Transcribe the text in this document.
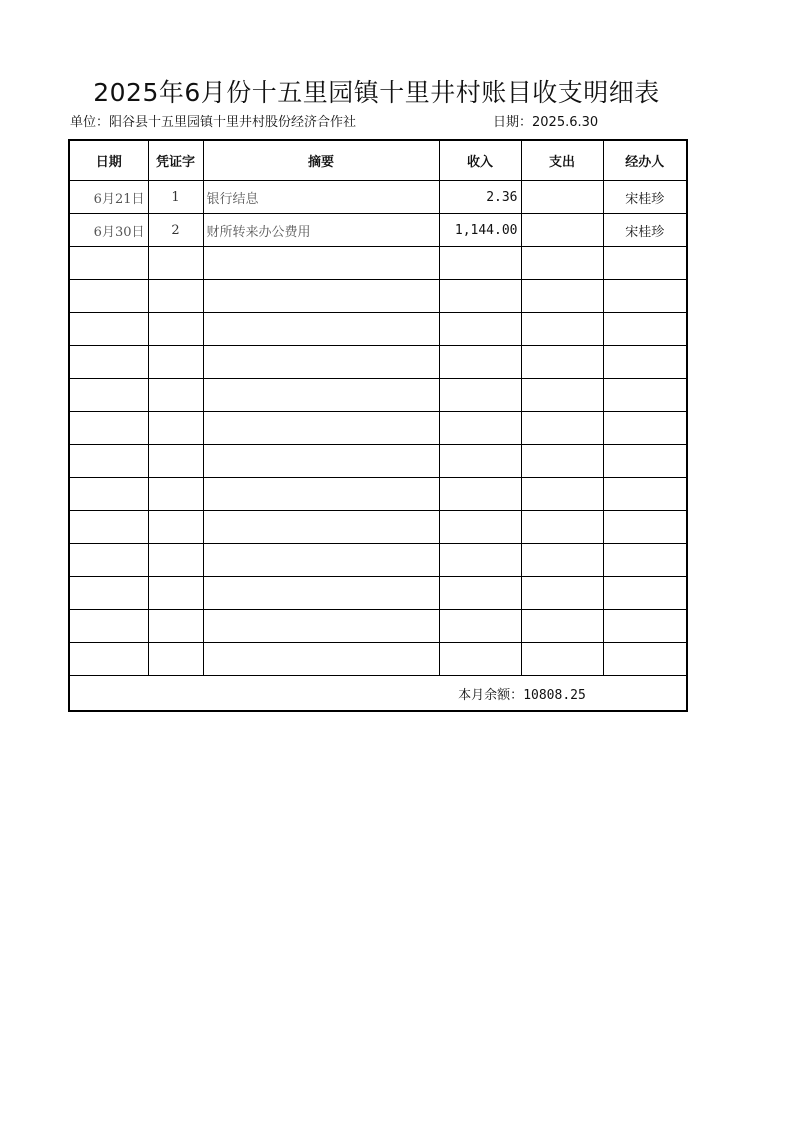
2025年6月份十五里园镇十里井村账目收支明细表
单位：阳谷县十五里园镇十里井村股份经济合作社	日期：2025.6.30
日期	凭证字	摘要	收入	支出	经办人
6月21日	1	银行结息	2.36		宋桂珍
6月30日	2	财所转来办公费用	1,144.00		宋桂珍

本月余额：10808.25					
